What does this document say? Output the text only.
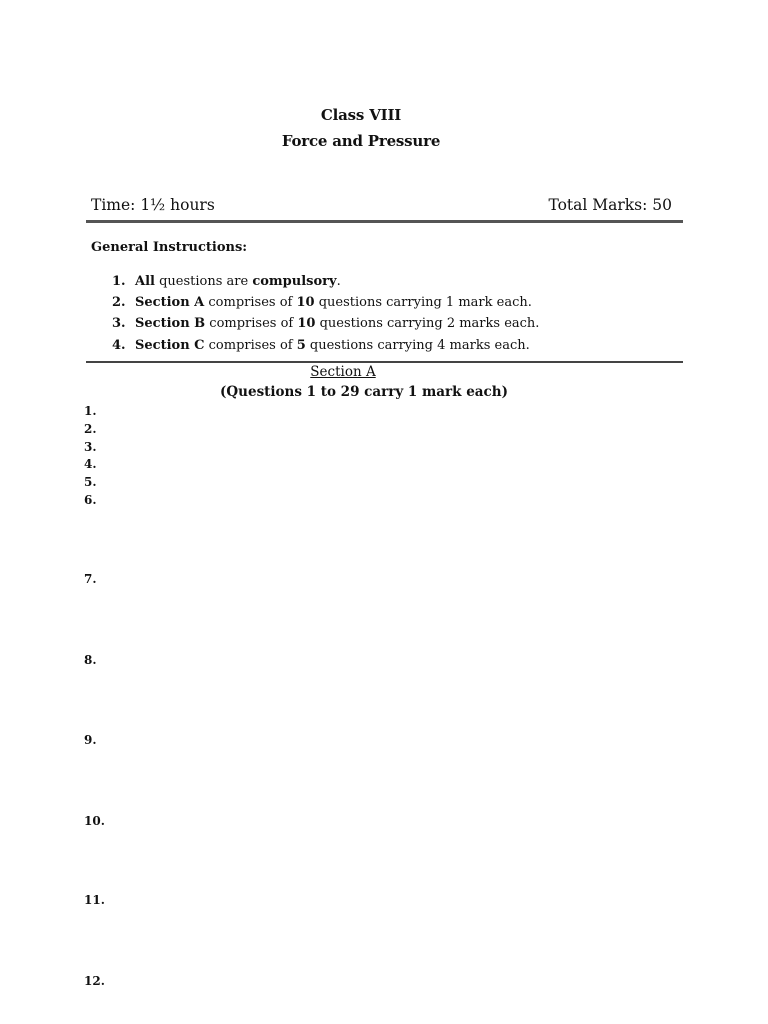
Class VIII
Force and Pressure
Time: 1½ hours	Total Marks: 50
General Instructions:
1. All questions are compulsory.
2. Section A comprises of 10 questions carrying 1 mark each.
3. Section B comprises of 10 questions carrying 2 marks each.
4. Section C comprises of 5 questions carrying 4 marks each.
Section A
(Questions 1 to 29 carry 1 mark each)
1.
2.
3.
4.
5.
6.
7.
8.
9.
10.
11.
12.
